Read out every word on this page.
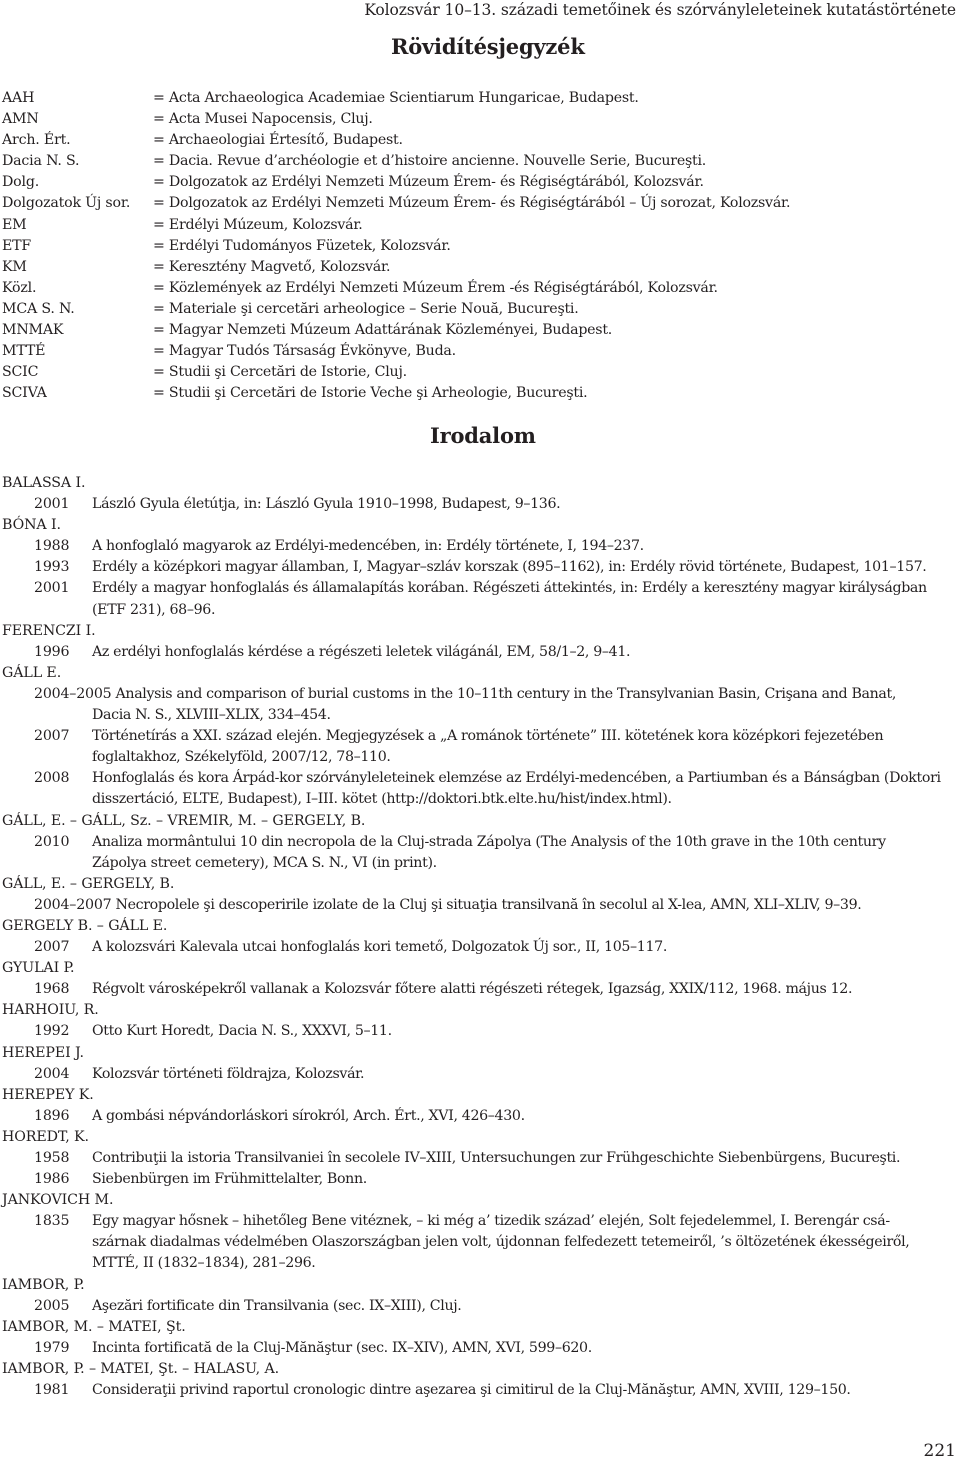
Kolozsvár 10–13. századi temetőinek és szórványleleteinek kutatástörténete
Rövidítésjegyzék
AAH	= Acta Archaeologica Academiae Scientiarum Hungaricae, Budapest.
AMN	= Acta Musei Napocensis, Cluj.
Arch. Ért.	= Archaeologiai Értesítő, Budapest.
Dacia N. S.	= Dacia. Revue d’archéologie et d’histoire ancienne. Nouvelle Serie, Bucureşti.
Dolg.	= Dolgozatok az Erdélyi Nemzeti Múzeum Érem- és Régiségtárából, Kolozsvár.
Dolgozatok Új sor.	= Dolgozatok az Erdélyi Nemzeti Múzeum Érem- és Régiségtárából – Új sorozat, Kolozsvár.
EM	= Erdélyi Múzeum, Kolozsvár.
ETF	= Erdélyi Tudományos Füzetek, Kolozsvár.
KM	= Keresztény Magvető, Kolozsvár.
Közl.	= Közlemények az Erdélyi Nemzeti Múzeum Érem -és Régiségtárából, Kolozsvár.
MCA S. N.	= Materiale şi cercetări arheologice – Serie Nouă, Bucureşti.
MNMAK	= Magyar Nemzeti Múzeum Adattárának Közleményei, Budapest.
MTTÉ	= Magyar Tudós Társaság Évkönyve, Buda.
SCIC	= Studii şi Cercetări de Istorie, Cluj.
SCIVA	= Studii şi Cercetări de Istorie Veche şi Arheologie, Bucureşti.
Irodalom
BALASSA I.
2001	László Gyula életútja, in: László Gyula 1910–1998, Budapest, 9–136.
BÓNA I.
1988	A honfoglaló magyarok az Erdélyi-medencében, in: Erdély története, I, 194–237.
1993	Erdély a középkori magyar államban, I, Magyar–szláv korszak (895–1162), in: Erdély rövid története, Budapest, 101–157.
2001	Erdély a magyar honfoglalás és államalapítás korában. Régészeti áttekintés, in: Erdély a keresztény magyar királyságban
(ETF 231), 68–96.
FERENCZI I.
1996	Az erdélyi honfoglalás kérdése a régészeti leletek világánál, EM, 58/1–2, 9–41.
GÁLL E.
2004–2005 Analysis and comparison of burial customs in the 10–11th century in the Transylvanian Basin, Crişana and Banat,
Dacia N. S., XLVIII–XLIX, 334–454.
2007	Történetírás a XXI. század elején. Megjegyzések a „A románok története” III. kötetének kora középkori fejezetében
foglaltakhoz, Székelyföld, 2007/12, 78–110.
2008	Honfoglalás és kora Árpád-kor szórványleleteinek elemzése az Erdélyi-medencében, a Partiumban és a Bánságban (Doktori
disszertáció, ELTE, Budapest), I–III. kötet (http://doktori.btk.elte.hu/hist/index.html).
GÁLL, E. – GÁLL, Sz. – VREMIR, M. – GERGELY, B.
2010	Analiza mormântului 10 din necropola de la Cluj-strada Zápolya (The Analysis of the 10th grave in the 10th century
Zápolya street cemetery), MCA S. N., VI (in print).
GÁLL, E. – GERGELY, B.
2004–2007 Necropolele şi descoperirile izolate de la Cluj şi situaţia transilvană în secolul al X-lea, AMN, XLI–XLIV, 9–39.
GERGELY B. – GÁLL E.
2007	A kolozsvári Kalevala utcai honfoglalás kori temető, Dolgozatok Új sor., II, 105–117.
GYULAI P.
1968	Régvolt városképekről vallanak a Kolozsvár főtere alatti régészeti rétegek, Igazság, XXIX/112, 1968. május 12.
HARHOIU, R.
1992	Otto Kurt Horedt, Dacia N. S., XXXVI, 5–11.
HEREPEI J.
2004	Kolozsvár történeti földrajza, Kolozsvár.
HEREPEY K.
1896	A gombási népvándorláskori sírokról, Arch. Ért., XVI, 426–430.
HOREDT, K.
1958	Contribuţii la istoria Transilvaniei în secolele IV–XIII, Untersuchungen zur Frühgeschichte Siebenbürgens, Bucureşti.
1986	Siebenbürgen im Frühmittelalter, Bonn.
JANKOVICH M.
1835	Egy magyar hősnek – hihetőleg Bene vitéznek, – ki még a’ tizedik század’ elején, Solt fejedelemmel, I. Berengár csá-
szárnak diadalmas védelmében Olaszországban jelen volt, újdonnan felfedezett tetemeiről, ’s öltözetének ékességeiről,
MTTÉ, II (1832–1834), 281–296.
IAMBOR, P.
2005	Aşezări fortificate din Transilvania (sec. IX–XIII), Cluj.
IAMBOR, M. – MATEI, Şt.
1979	Incinta fortificată de la Cluj-Mănăştur (sec. IX–XIV), AMN, XVI, 599–620.
IAMBOR, P. – MATEI, Şt. – HALASU, A.
1981	Consideraţii privind raportul cronologic dintre aşezarea şi cimitirul de la Cluj-Mănăştur, AMN, XVIII, 129–150.
221
